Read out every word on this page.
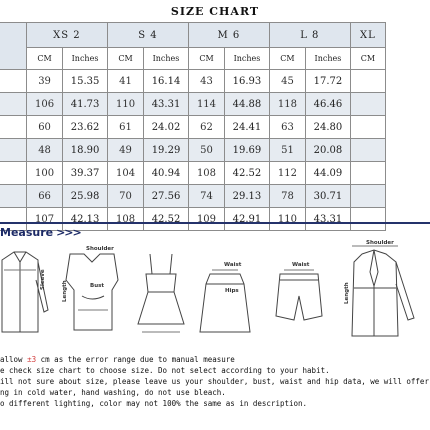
SIZE CHART
	XS 2		S 4		M 6		L 8		XL
	CM	Inches	CM	Inches	CM	Inches	CM	Inches	CM
	39	15.35	41	16.14	43	16.93	45	17.72	
	106	41.73	110	43.31	114	44.88	118	46.46	
	60	23.62	61	24.02	62	24.41	63	24.80	
	48	18.90	49	19.29	50	19.69	51	20.08	
	100	39.37	104	40.94	108	42.52	112	44.09	
	66	25.98	70	27.56	74	29.13	78	30.71	
	107	42.13	108	42.52	109	42.91	110	43.31	
Measure >>>
Shoulder
Bust
Length
Sleeve
Waist
Hips
Waist
Shoulder
Length
allow ±3 cm as the error range due to manual measure
e check size chart to choose size. Do not select according to your habit.
ill not sure about size, please leave us your shoulder, bust, waist and hip data, we will offer
ng in cold water, hand washing, do not use bleach.
o different lighting, color may not 100% the same as in description.
